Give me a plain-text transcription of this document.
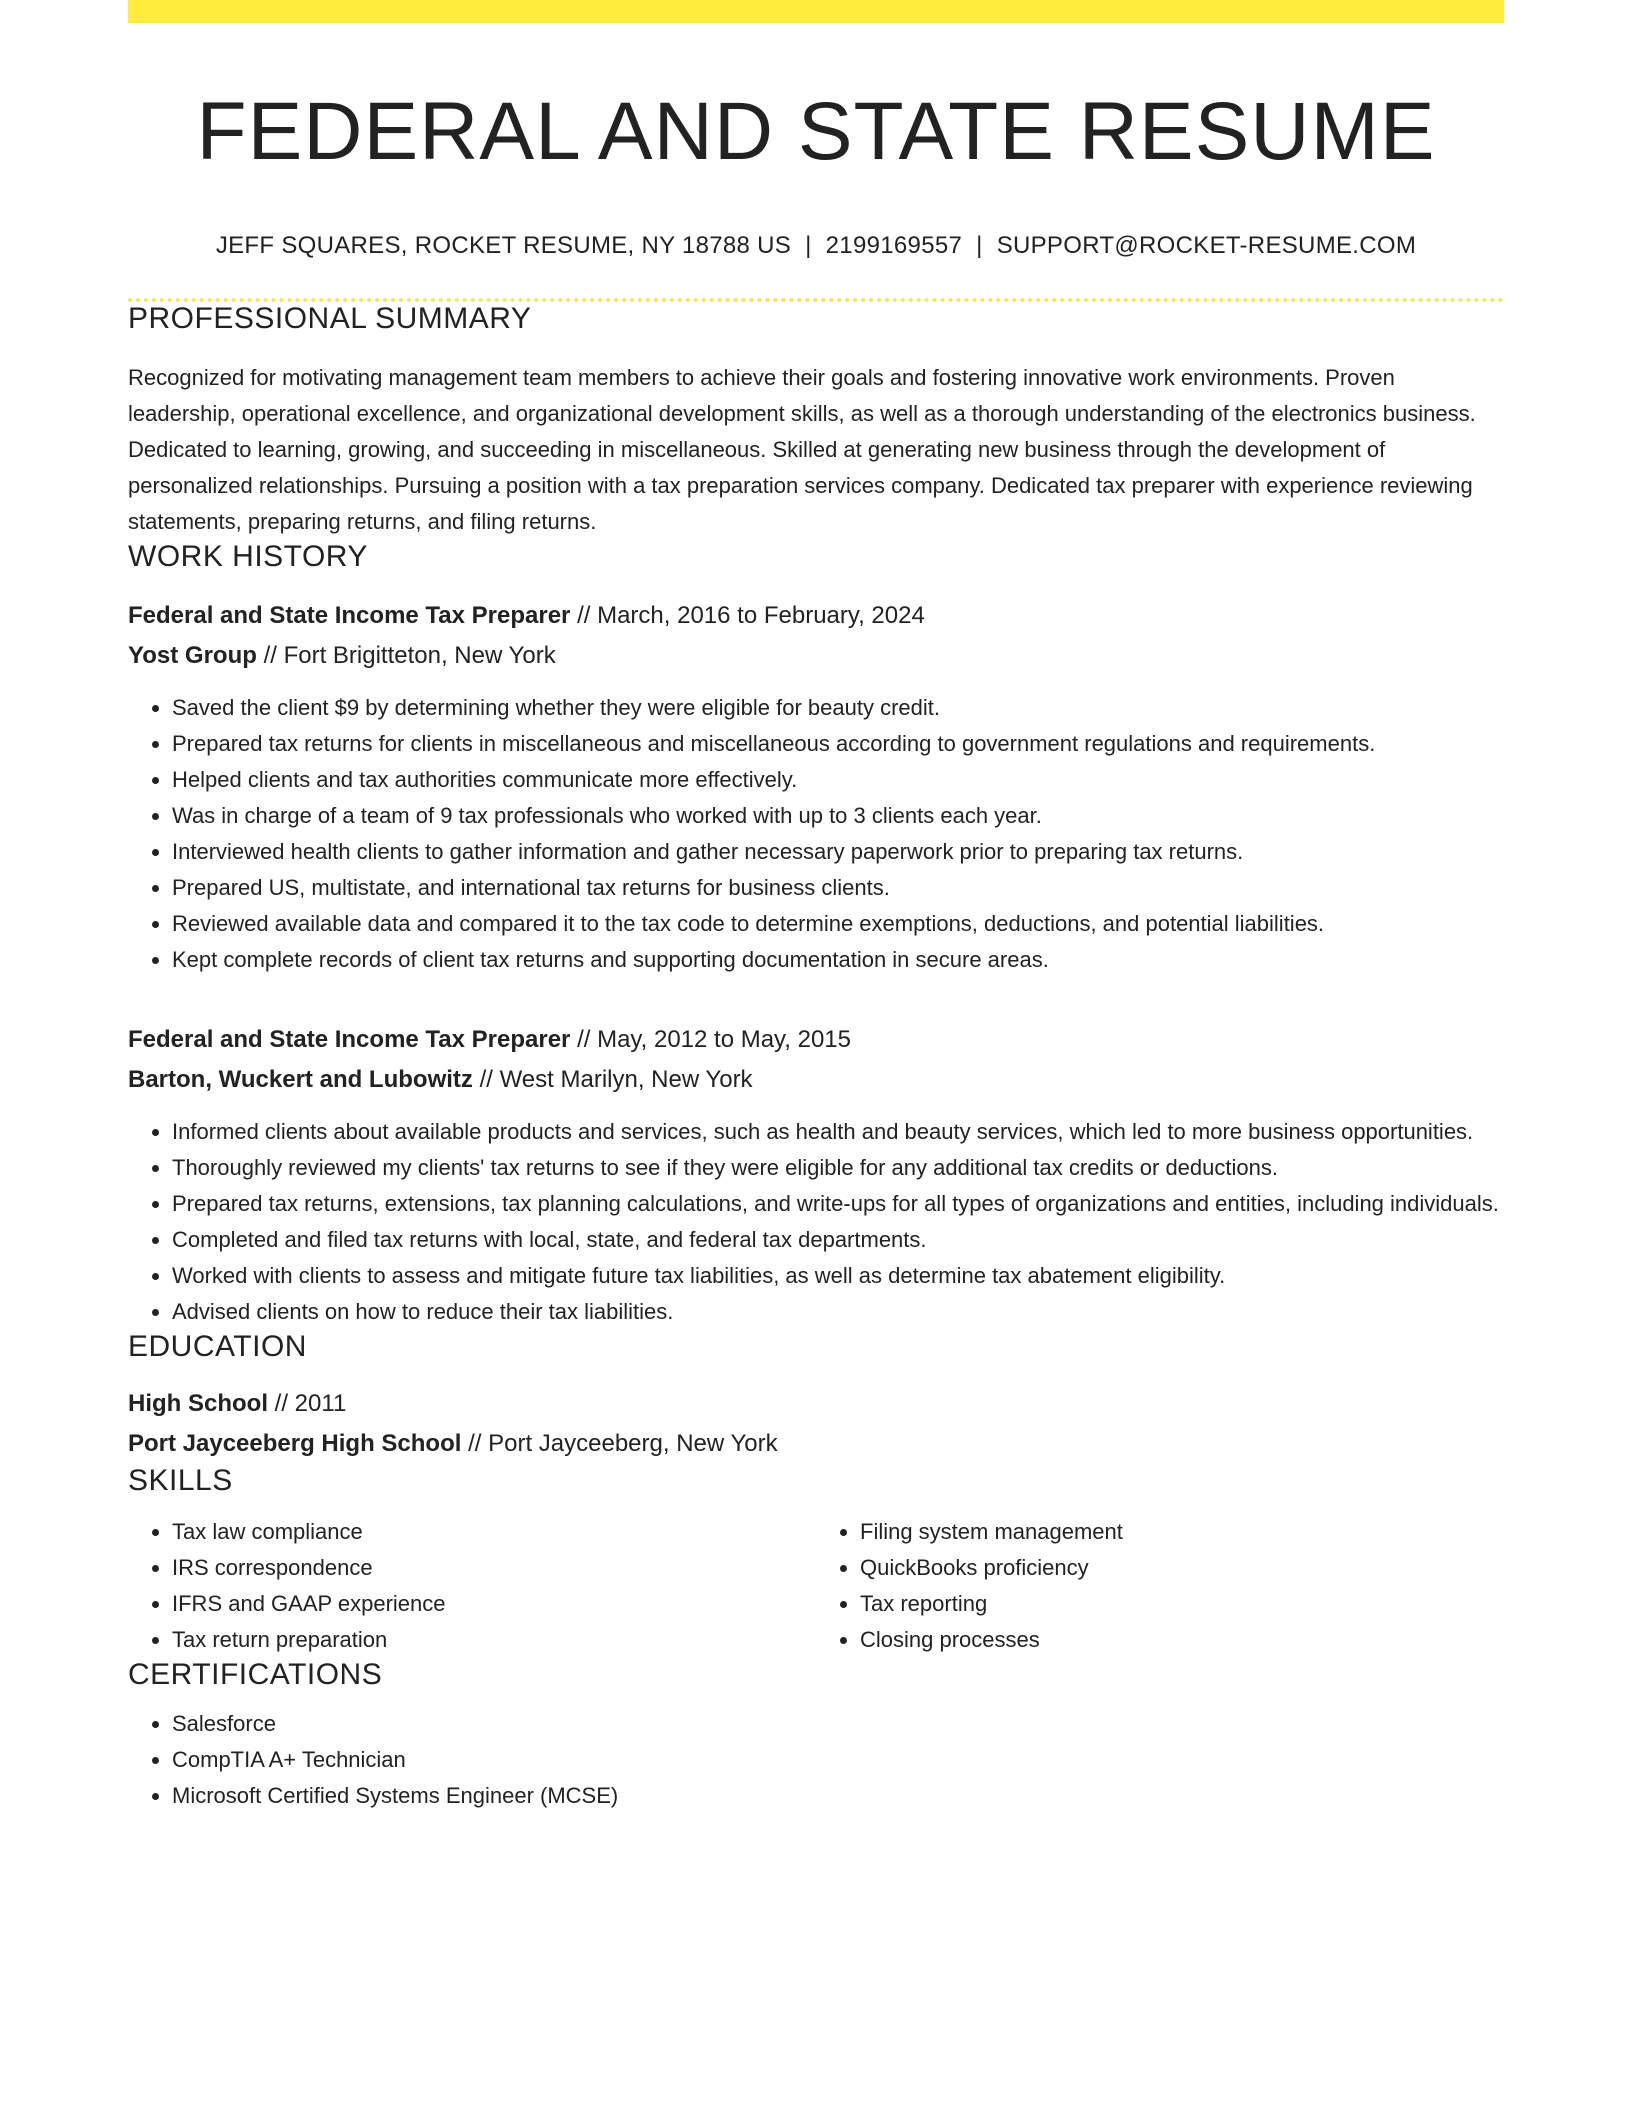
FEDERAL AND STATE RESUME
JEFF SQUARES, ROCKET RESUME, NY 18788 US | 2199169557 | SUPPORT@ROCKET-RESUME.COM
PROFESSIONAL SUMMARY

Recognized for motivating management team members to achieve their goals and fostering innovative work environments. Proven leadership, operational excellence, and organizational development skills, as well as a thorough understanding of the electronics business. Dedicated to learning, growing, and succeeding in miscellaneous. Skilled at generating new business through the development of personalized relationships. Pursuing a position with a tax preparation services company. Dedicated tax preparer with experience reviewing statements, preparing returns, and filing returns.

WORK HISTORY
Federal and State Income Tax Preparer // March, 2016 to February, 2024
Yost Group // Fort Brigitteton, New York
• Saved the client $9 by determining whether they were eligible for beauty credit.
• Prepared tax returns for clients in miscellaneous and miscellaneous according to government regulations and requirements.
• Helped clients and tax authorities communicate more effectively.
• Was in charge of a team of 9 tax professionals who worked with up to 3 clients each year.
• Interviewed health clients to gather information and gather necessary paperwork prior to preparing tax returns.
• Prepared US, multistate, and international tax returns for business clients.
• Reviewed available data and compared it to the tax code to determine exemptions, deductions, and potential liabilities.
• Kept complete records of client tax returns and supporting documentation in secure areas.
Federal and State Income Tax Preparer // May, 2012 to May, 2015
Barton, Wuckert and Lubowitz // West Marilyn, New York
• Informed clients about available products and services, such as health and beauty services, which led to more business opportunities.
• Thoroughly reviewed my clients' tax returns to see if they were eligible for any additional tax credits or deductions.
• Prepared tax returns, extensions, tax planning calculations, and write-ups for all types of organizations and entities, including individuals.
• Completed and filed tax returns with local, state, and federal tax departments.
• Worked with clients to assess and mitigate future tax liabilities, as well as determine tax abatement eligibility.
• Advised clients on how to reduce their tax liabilities.
EDUCATION
High School // 2011
Port Jayceeberg High School // Port Jayceeberg, New York
SKILLS
• Tax law compliance
• IRS correspondence
• IFRS and GAAP experience
• Tax return preparation
• Filing system management
• QuickBooks proficiency
• Tax reporting
• Closing processes
CERTIFICATIONS
• Salesforce
• CompTIA A+ Technician
• Microsoft Certified Systems Engineer (MCSE)
